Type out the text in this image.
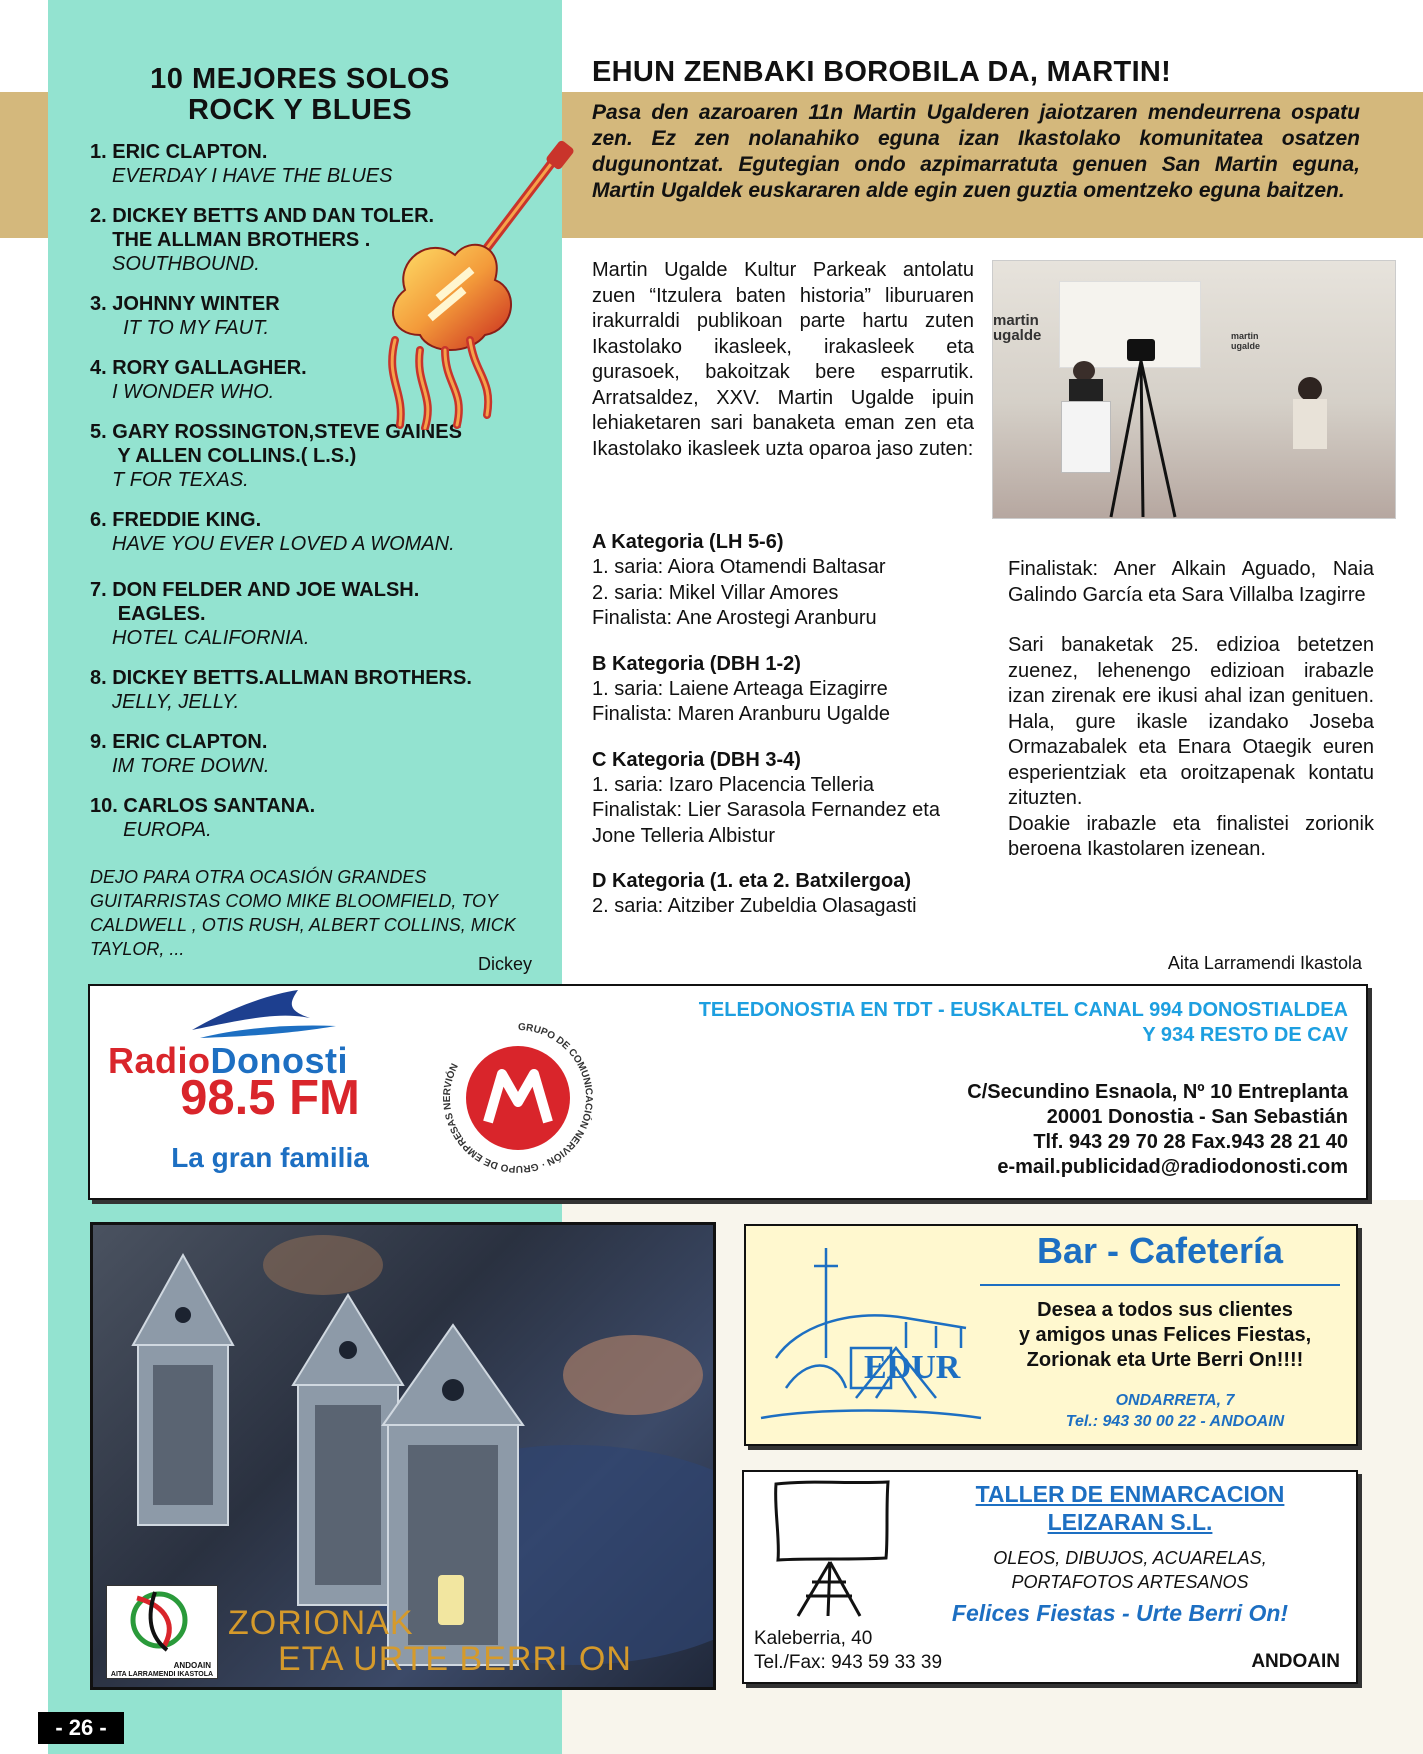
10 MEJORES SOLOS
ROCK Y BLUES
1. ERIC CLAPTON.
EVERDAY I HAVE THE BLUES
2. DICKEY BETTS AND DAN TOLER.
THE ALLMAN BROTHERS .
SOUTHBOUND.
3. JOHNNY WINTER
IT TO MY FAUT.
4. RORY GALLAGHER.
I WONDER WHO.
5. GARY ROSSINGTON,STEVE GAINES
Y ALLEN COLLINS.( L.S.)
T FOR TEXAS.
6. FREDDIE KING.
HAVE YOU EVER LOVED A WOMAN.
7. DON FELDER AND JOE WALSH.
EAGLES.
HOTEL CALIFORNIA.
8. DICKEY BETTS.ALLMAN BROTHERS.
JELLY, JELLY.
9. ERIC CLAPTON.
IM TORE DOWN.
10. CARLOS SANTANA.
EUROPA.
DEJO PARA OTRA OCASIÓN GRANDES GUITARRISTAS COMO MIKE BLOOMFIELD, TOY CALDWELL , OTIS RUSH, ALBERT COLLINS, MICK TAYLOR, ...
Dickey
EHUN ZENBAKI BOROBILA DA, MARTIN!
Pasa den azaroaren 11n Martin Ugalderen jaiotzaren mendeurrena ospatu zen. Ez zen nolanahiko eguna izan Ikastolako komunitatea osatzen dugunontzat. Egutegian ondo azpimarratuta genuen San Martin eguna, Martin Ugaldek euskararen alde egin zuen guztia omentzeko eguna baitzen.
Martin Ugalde Kultur Parkeak antolatu zuen “Itzulera baten historia” liburuaren irakurraldi publikoan parte hartu zuten Ikastolako ikasleek, irakasleek eta gurasoek, bakoitzak bere esparrutik. Arratsaldez, XXV. Martin Ugalde ipuin lehiaketaren sari banaketa eman zen eta Ikastolako ikasleek uzta oparoa jaso zuten:
martin ugalde	martin ugalde
A Kategoria (LH 5-6)
1. saria: Aiora Otamendi Baltasar
2. saria: Mikel Villar Amores
Finalista: Ane Arostegi Aranburu
B Kategoria (DBH 1-2)
1. saria: Laiene Arteaga Eizagirre
Finalista: Maren Aranburu Ugalde
C Kategoria (DBH 3-4)
1. saria: Izaro Placencia Telleria
Finalistak: Lier Sarasola Fernandez eta Jone Telleria Albistur
D Kategoria (1. eta 2. Batxilergoa)
2. saria: Aitziber Zubeldia Olasagasti
Finalistak: Aner Alkain Aguado, Naia Galindo García eta Sara Villalba Izagirre
Sari banaketak 25. edizioa betetzen zuenez, lehenengo edizioan irabazle izan zirenak ere ikusi ahal izan genituen. Hala, gure ikasle izandako Joseba Ormazabalek eta Enara Otaegik euren esperientziak eta oroitzapenak kontatu zituzten.
Doakie irabazle eta finalistei zorionik beroena Ikastolaren izenean.
Aita Larramendi Ikastola
RadioDonosti
98.5 FM
La gran familia
GRUPO DE COMUNICACIÓN NERVIÓN · GRUPO DE EMPRESAS NERVIÓN
TELEDONOSTIA EN TDT - EUSKALTEL CANAL 994 DONOSTIALDEA
Y 934 RESTO DE CAV
C/Secundino Esnaola, Nº 10 Entreplanta
20001 Donostia - San Sebastián
Tlf. 943 29 70 28 Fax.943 28 21 40
e-mail.publicidad@radiodonosti.com
ANDOAIN
AITA LARRAMENDI IKASTOLA
ZORIONAK
ETA URTE BERRI ON
EDUR
Bar - Cafetería
Desea a todos sus clientes
y amigos unas Felices Fiestas,
Zorionak eta Urte Berri On!!!!
ONDARRETA, 7
Tel.: 943 30 00 22 - ANDOAIN
TALLER DE ENMARCACION
LEIZARAN S.L.
OLEOS, DIBUJOS, ACUARELAS,
PORTAFOTOS ARTESANOS
Felices Fiestas - Urte Berri On!
Kaleberria, 40
Tel./Fax: 943 59 33 39	ANDOAIN
- 26 -
